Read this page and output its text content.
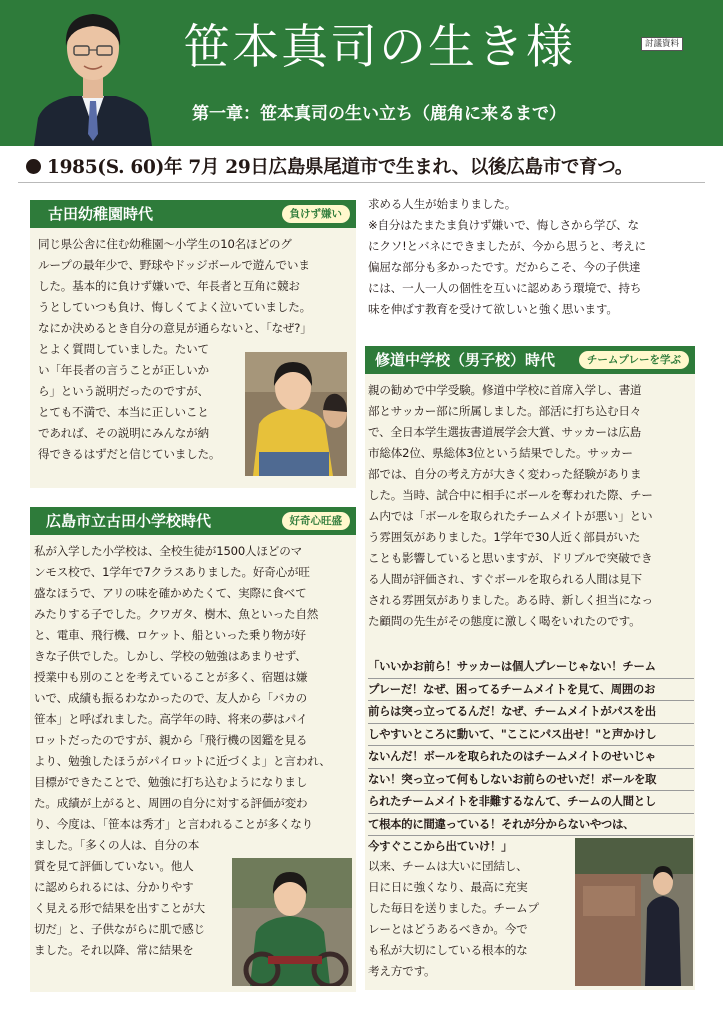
笹本真司の生き様
第一章：笹本真司の生い立ち（鹿角に来るまで）
討議資料
1985(S. 60)年 7月 29日広島県尾道市で生まれ、以後広島市で育つ。
古田幼稚園時代	負けず嫌い

同じ県公舎に住む幼稚園～小学生の10名ほどのグ

ループの最年少で、野球やドッジボールで遊んでいま

した。基本的に負けず嫌いで、年長者と互角に競お

うとしていつも負け、悔しくてよく泣いていました。

なにか決めるとき自分の意見が通らないと、「なぜ?」

とよく質問していました。たいて

い「年長者の言うことが正しいか

ら」という説明だったのですが、

とても不満で、本当に正しいこと

であれば、その説明にみんなが納

得できるはずだと信じていました。

広島市立古田小学校時代	好奇心旺盛

私が入学した小学校は、全校生徒が1500人ほどのマ

ンモス校で、1学年で7クラスありました。好奇心が旺

盛なほうで、アリの味を確かめたくて、実際に食べて

みたりする子でした。クワガタ、樹木、魚といった自然

と、電車、飛行機、ロケット、船といった乗り物が好

きな子供でした。しかし、学校の勉強はあまりせず、

授業中も別のことを考えていることが多く、宿題は嫌

いで、成績も振るわなかったので、友人から「バカの

笹本」と呼ばれました。高学年の時、将来の夢はパイ

ロットだったのですが、親から「飛行機の図鑑を見る

より、勉強したほうがパイロットに近づくよ」と言われ、

目標ができたことで、勉強に打ち込むようになりまし

た。成績が上がると、周囲の自分に対する評価が変わ

り、今度は、「笹本は秀才」と言われることが多くなり

ました。「多くの人は、自分の本

質を見て評価していない。他人

に認められるには、分かりやす

く見える形で結果を出すことが大

切だ」と、子供ながらに肌で感じ

ました。それ以降、常に結果を

求める人生が始まりました。

※自分はたまたま負けず嫌いで、悔しさから学び、な

にクソ!とバネにできましたが、今から思うと、考えに

偏屈な部分も多かったです。だからこそ、今の子供達

には、一人一人の個性を互いに認めあう環境で、持ち

味を伸ばす教育を受けて欲しいと強く思います。

修道中学校（男子校）時代	チームプレーを学ぶ

親の勧めで中学受験。修道中学校に首席入学し、書道

部とサッカー部に所属しました。部活に打ち込む日々

で、全日本学生選抜書道展学会大賞、サッカーは広島

市総体2位、県総体3位という結果でした。サッカー

部では、自分の考え方が大きく変わった経験がありま

した。当時、試合中に相手にボールを奪われた際、チー

ム内では「ボールを取られたチームメイトが悪い」とい

う雰囲気がありました。1学年で30人近く部員がいた

ことも影響していると思いますが、ドリブルで突破でき

る人間が評価され、すぐボールを取られる人間は見下

される雰囲気がありました。ある時、新しく担当になっ

た顧問の先生がその態度に激しく喝をいれたのです。

「いいかお前ら！サッカーは個人プレーじゃない！チーム

プレーだ！なぜ、困ってるチームメイトを見て、周囲のお

前らは突っ立ってるんだ！なぜ、チームメイトがパスを出

しやすいところに動いて、"ここにパス出せ！"と声かけし

ないんだ！ボールを取られたのはチームメイトのせいじゃ

ない！突っ立って何もしないお前らのせいだ！ボールを取

られたチームメイトを非難するなんて、チームの人間とし

て根本的に間違っている！それが分からないやつは、

今すぐここから出ていけ！」

以来、チームは大いに団結し、

日に日に強くなり、最高に充実

した毎日を送りました。チームプ

レーとはどうあるべきか。今で

も私が大切にしている根本的な

考え方です。
